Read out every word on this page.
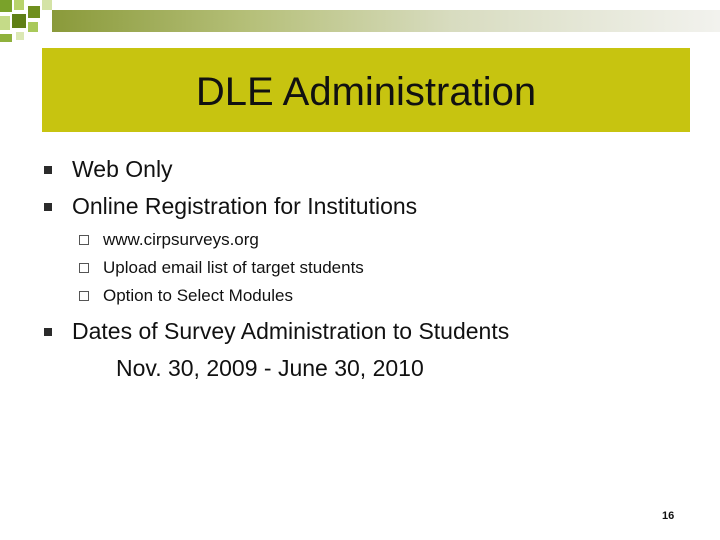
DLE Administration
Web Only
Online Registration for Institutions
www.cirpsurveys.org
Upload email list of target students
Option to Select Modules
Dates of Survey Administration to Students
Nov. 30, 2009 - June 30, 2010
16
